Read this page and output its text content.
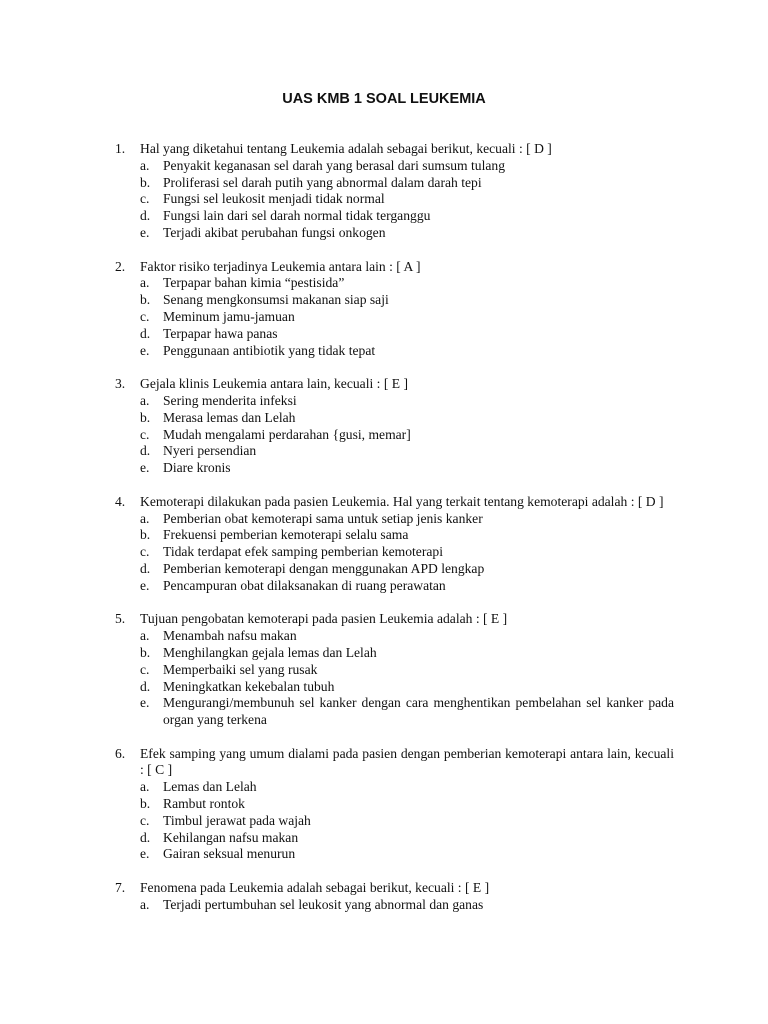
UAS KMB 1 SOAL LEUKEMIA
1. Hal yang diketahui tentang Leukemia adalah sebagai berikut, kecuali : [ D ]
a. Penyakit keganasan sel darah yang berasal dari sumsum tulang
b. Proliferasi sel darah putih yang abnormal dalam darah tepi
c. Fungsi sel leukosit menjadi tidak normal
d. Fungsi lain dari sel darah normal tidak terganggu
e. Terjadi akibat perubahan fungsi onkogen
2. Faktor risiko terjadinya Leukemia antara lain : [ A ]
a. Terpapar bahan kimia “pestisida”
b. Senang mengkonsumsi makanan siap saji
c. Meminum jamu-jamuan
d. Terpapar hawa panas
e. Penggunaan antibiotik yang tidak tepat
3. Gejala klinis Leukemia antara lain, kecuali : [ E ]
a. Sering menderita infeksi
b. Merasa lemas dan Lelah
c. Mudah mengalami perdarahan {gusi, memar]
d. Nyeri persendian
e. Diare kronis
4. Kemoterapi dilakukan pada pasien Leukemia. Hal yang terkait tentang kemoterapi adalah : [ D ]
a. Pemberian obat kemoterapi sama untuk setiap jenis kanker
b. Frekuensi pemberian kemoterapi selalu sama
c. Tidak terdapat efek samping pemberian kemoterapi
d. Pemberian kemoterapi dengan menggunakan APD lengkap
e. Pencampuran obat dilaksanakan di ruang perawatan
5. Tujuan pengobatan kemoterapi pada pasien Leukemia adalah : [ E ]
a. Menambah nafsu makan
b. Menghilangkan gejala lemas dan Lelah
c. Memperbaiki sel yang rusak
d. Meningkatkan kekebalan tubuh
e. Mengurangi/membunuh sel kanker dengan cara menghentikan pembelahan sel kanker pada organ yang terkena
6. Efek samping yang umum dialami pada pasien dengan pemberian kemoterapi antara lain, kecuali : [ C ]
a. Lemas dan Lelah
b. Rambut rontok
c. Timbul jerawat pada wajah
d. Kehilangan nafsu makan
e. Gairan seksual menurun
7. Fenomena pada Leukemia adalah sebagai berikut, kecuali : [ E ]
a. Terjadi pertumbuhan sel leukosit yang abnormal dan ganas
